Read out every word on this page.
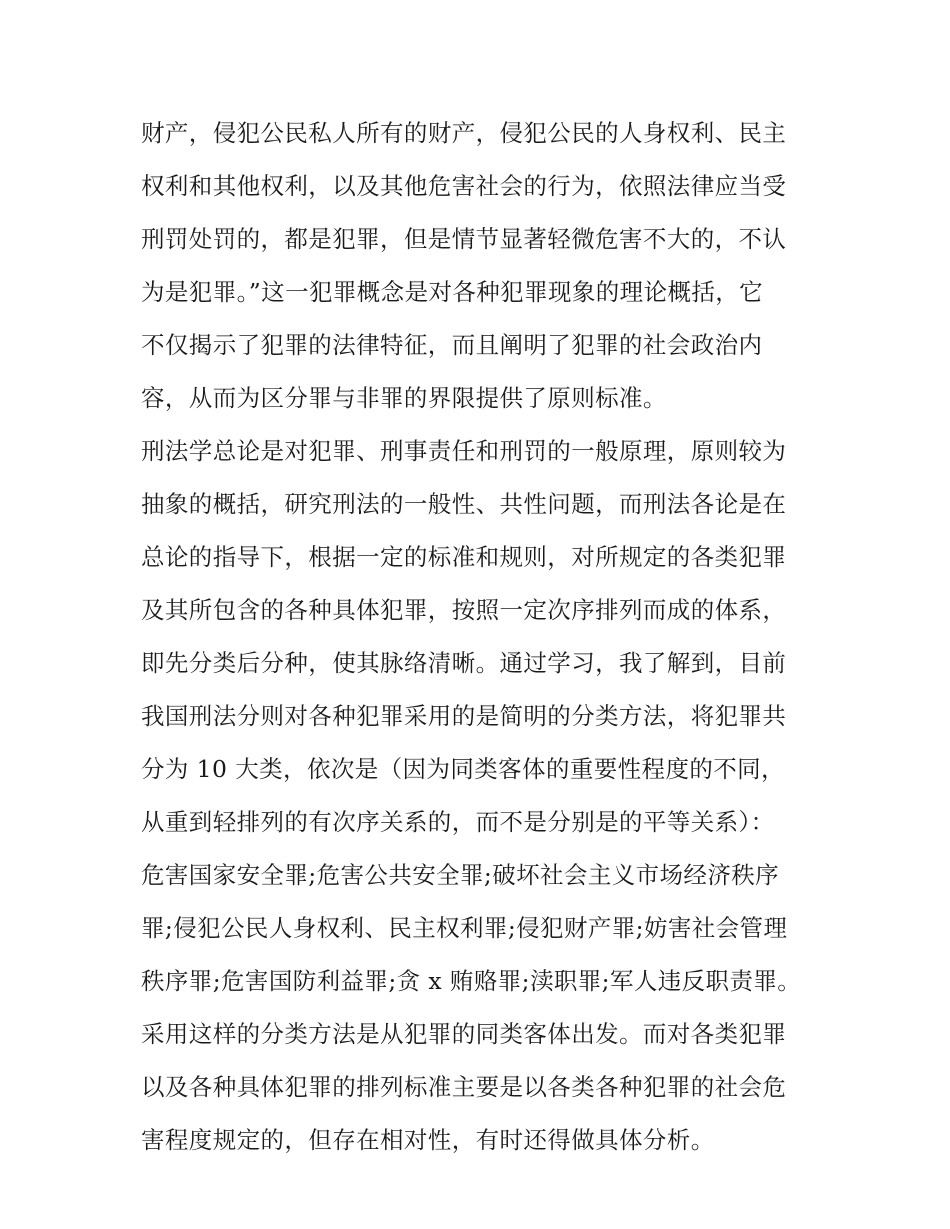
财产，侵犯公民私人所有的财产，侵犯公民的人身权利、民主
权利和其他权利，以及其他危害社会的行为，依照法律应当受
刑罚处罚的，都是犯罪，但是情节显著轻微危害不大的，不认
为是犯罪。”这一犯罪概念是对各种犯罪现象的理论概括，它
不仅揭示了犯罪的法律特征，而且阐明了犯罪的社会政治内
容，从而为区分罪与非罪的界限提供了原则标准。
刑法学总论是对犯罪、刑事责任和刑罚的一般原理，原则较为
抽象的概括，研究刑法的一般性、共性问题，而刑法各论是在
总论的指导下，根据一定的标准和规则，对所规定的各类犯罪
及其所包含的各种具体犯罪，按照一定次序排列而成的体系，
即先分类后分种，使其脉络清晰。通过学习，我了解到，目前
我国刑法分则对各种犯罪采用的是简明的分类方法，将犯罪共
分为 10 大类，依次是（因为同类客体的重要性程度的不同，
从重到轻排列的有次序关系的，而不是分别是的平等关系）：
危害国家安全罪;危害公共安全罪;破坏社会主义市场经济秩序
罪;侵犯公民人身权利、民主权利罪;侵犯财产罪;妨害社会管理
秩序罪;危害国防利益罪;贪 x 贿赂罪;渎职罪;军人违反职责罪。
采用这样的分类方法是从犯罪的同类客体出发。而对各类犯罪
以及各种具体犯罪的排列标准主要是以各类各种犯罪的社会危
害程度规定的，但存在相对性，有时还得做具体分析。
